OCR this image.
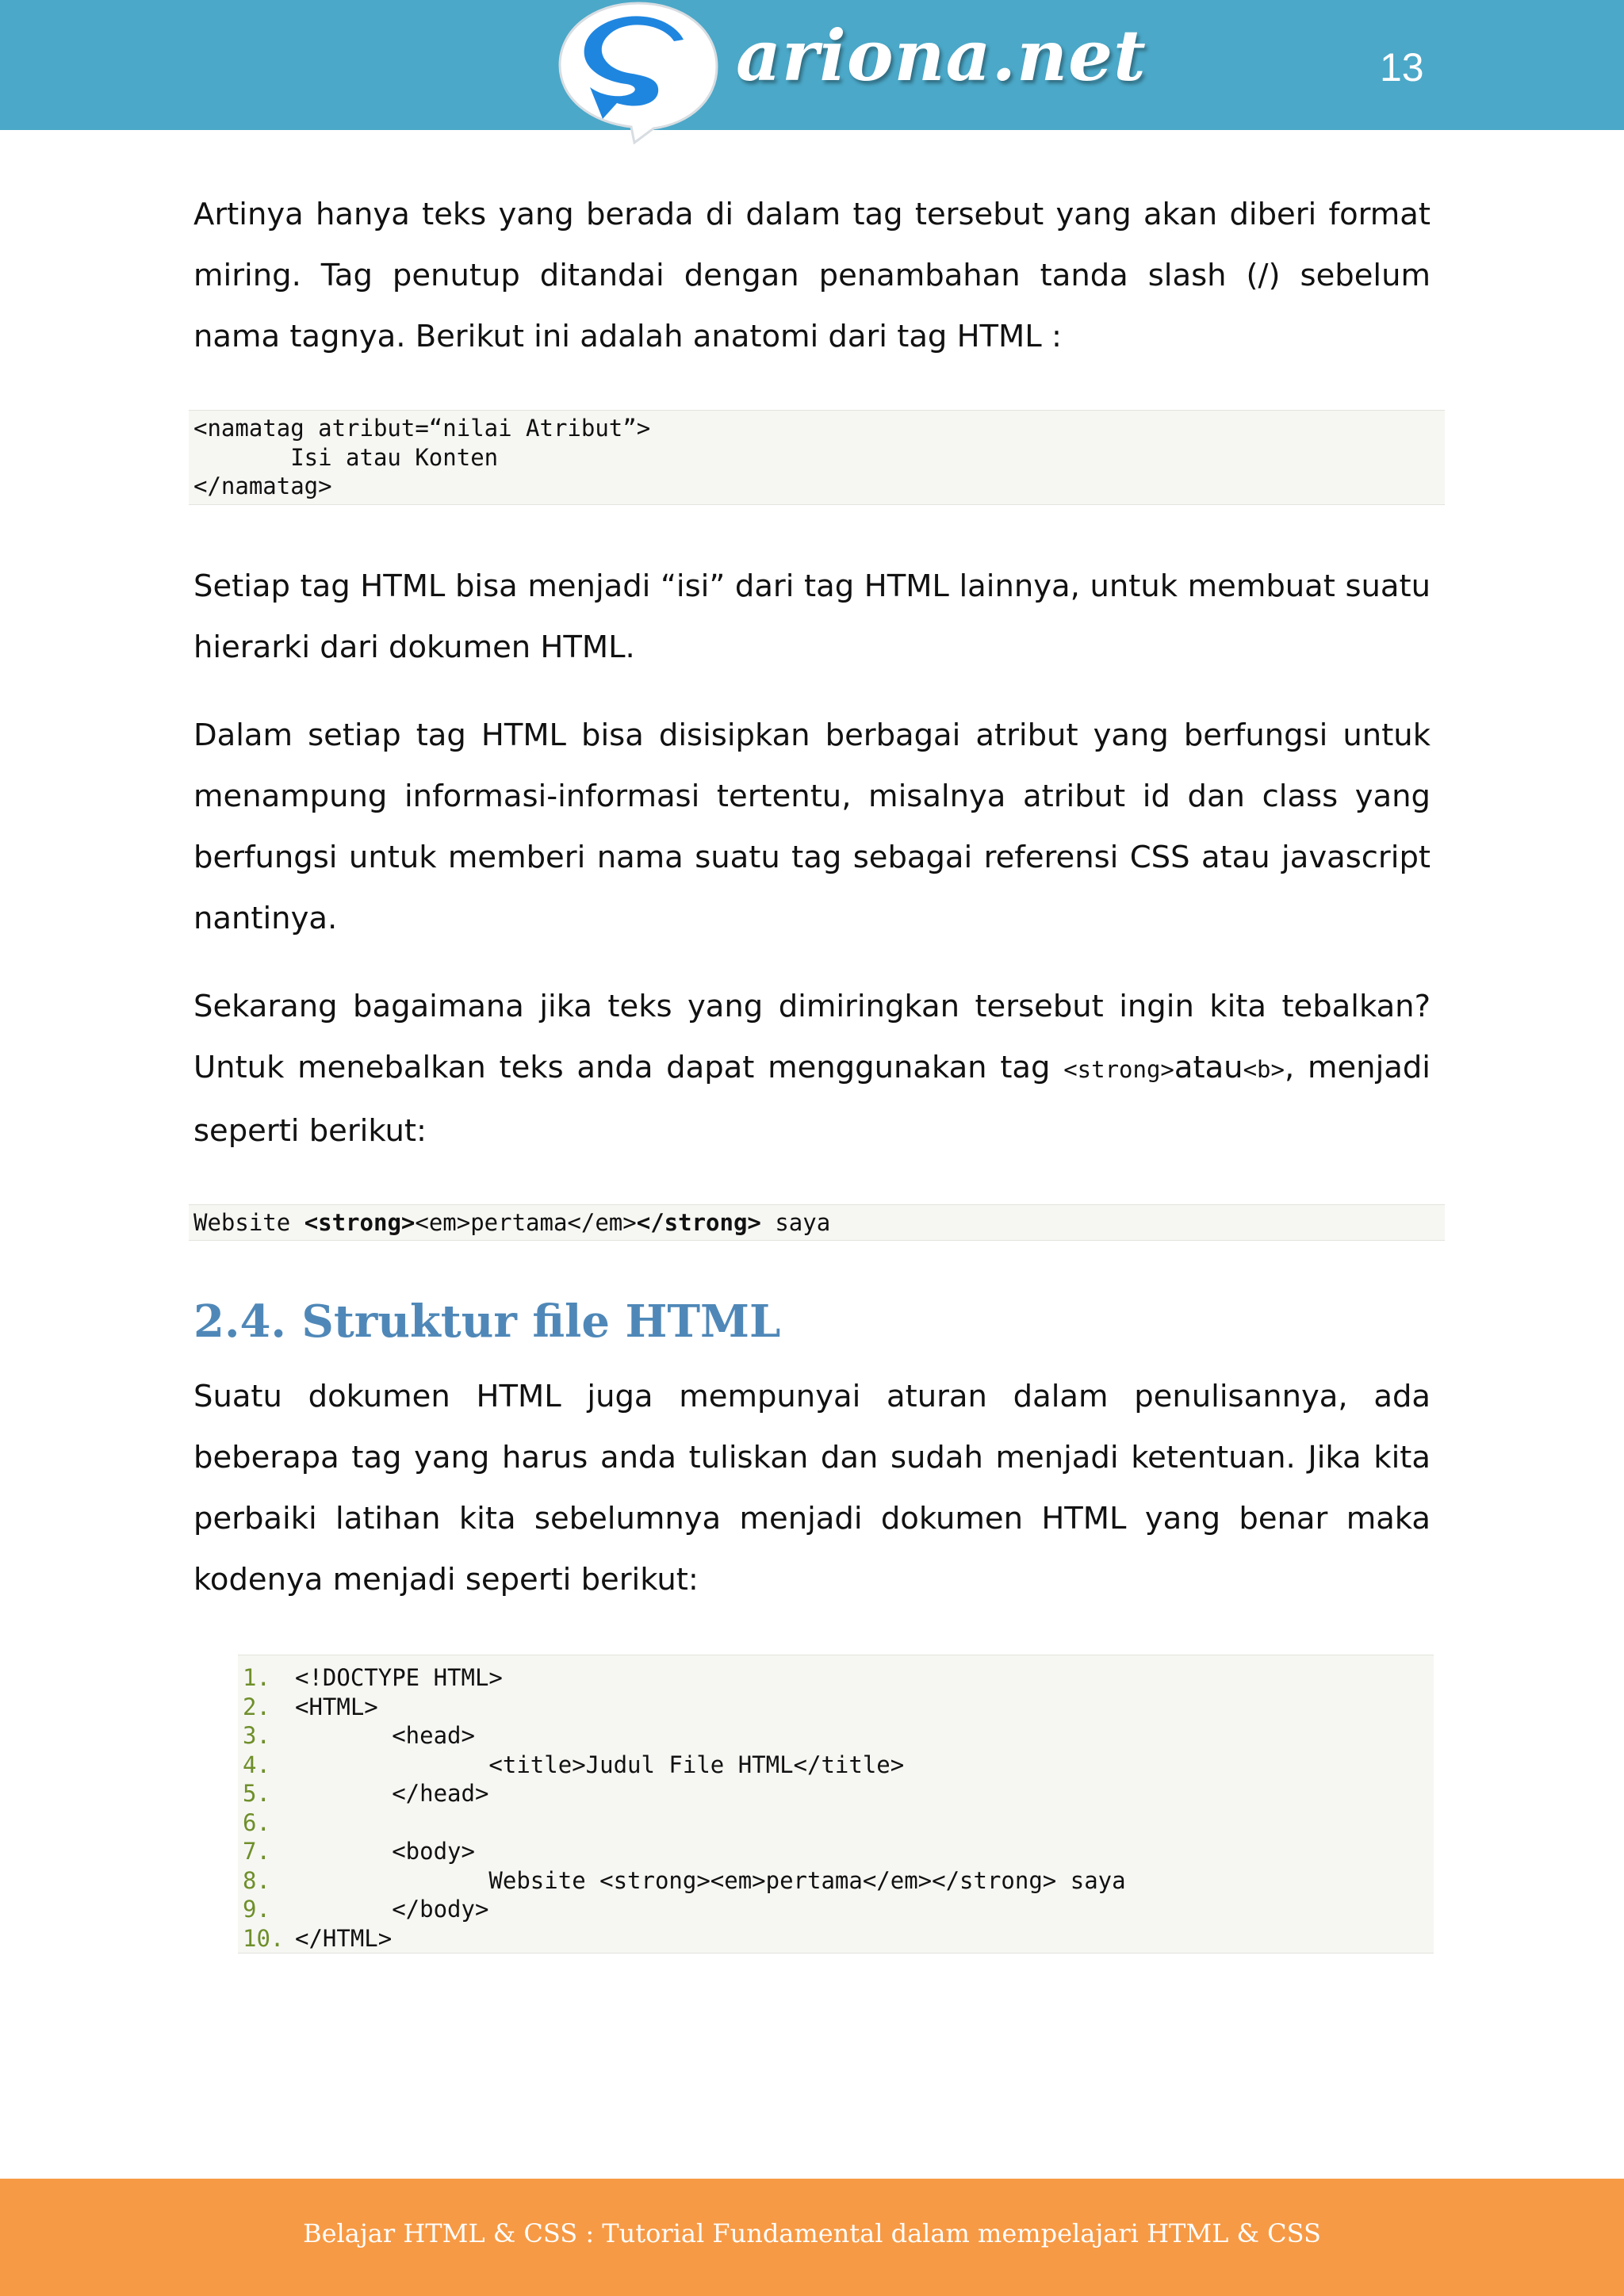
ariona.net	13

Artinya hanya teks yang berada di dalam tag tersebut yang akan diberi format miring. Tag penutup ditandai dengan penambahan tanda slash (/) sebelum nama tagnya. Berikut ini adalah anatomi dari tag HTML :

<namatag atribut=“nilai Atribut”>
Isi atau Konten
</namatag>

Setiap tag HTML bisa menjadi “isi” dari tag HTML lainnya, untuk membuat suatu hierarki dari dokumen HTML.

Dalam setiap tag HTML bisa disisipkan berbagai atribut yang berfungsi untuk menampung informasi-informasi tertentu, misalnya atribut id dan class yang berfungsi untuk memberi nama suatu tag sebagai referensi CSS atau javascript nantinya.

Sekarang bagaimana jika teks yang dimiringkan tersebut ingin kita tebalkan? Untuk menebalkan teks anda dapat menggunakan tag <strong>atau<b>, menjadi seperti berikut:

Website <strong><em>pertama</em></strong> saya
2.4. Struktur file HTML

Suatu dokumen HTML juga mempunyai aturan dalam penulisannya, ada beberapa tag yang harus anda tuliskan dan sudah menjadi ketentuan. Jika kita perbaiki latihan kita sebelumnya menjadi dokumen HTML yang benar maka kodenya menjadi seperti berikut:

1.	<!DOCTYPE HTML>
2.	<HTML>
3.	<head>
4.	<title>Judul File HTML</title>
5.	</head>
6.
7.	<body>
8.	Website <strong><em>pertama</em></strong> saya
9.	</body>
10. </HTML>
Belajar HTML & CSS : Tutorial Fundamental dalam mempelajari HTML & CSS
